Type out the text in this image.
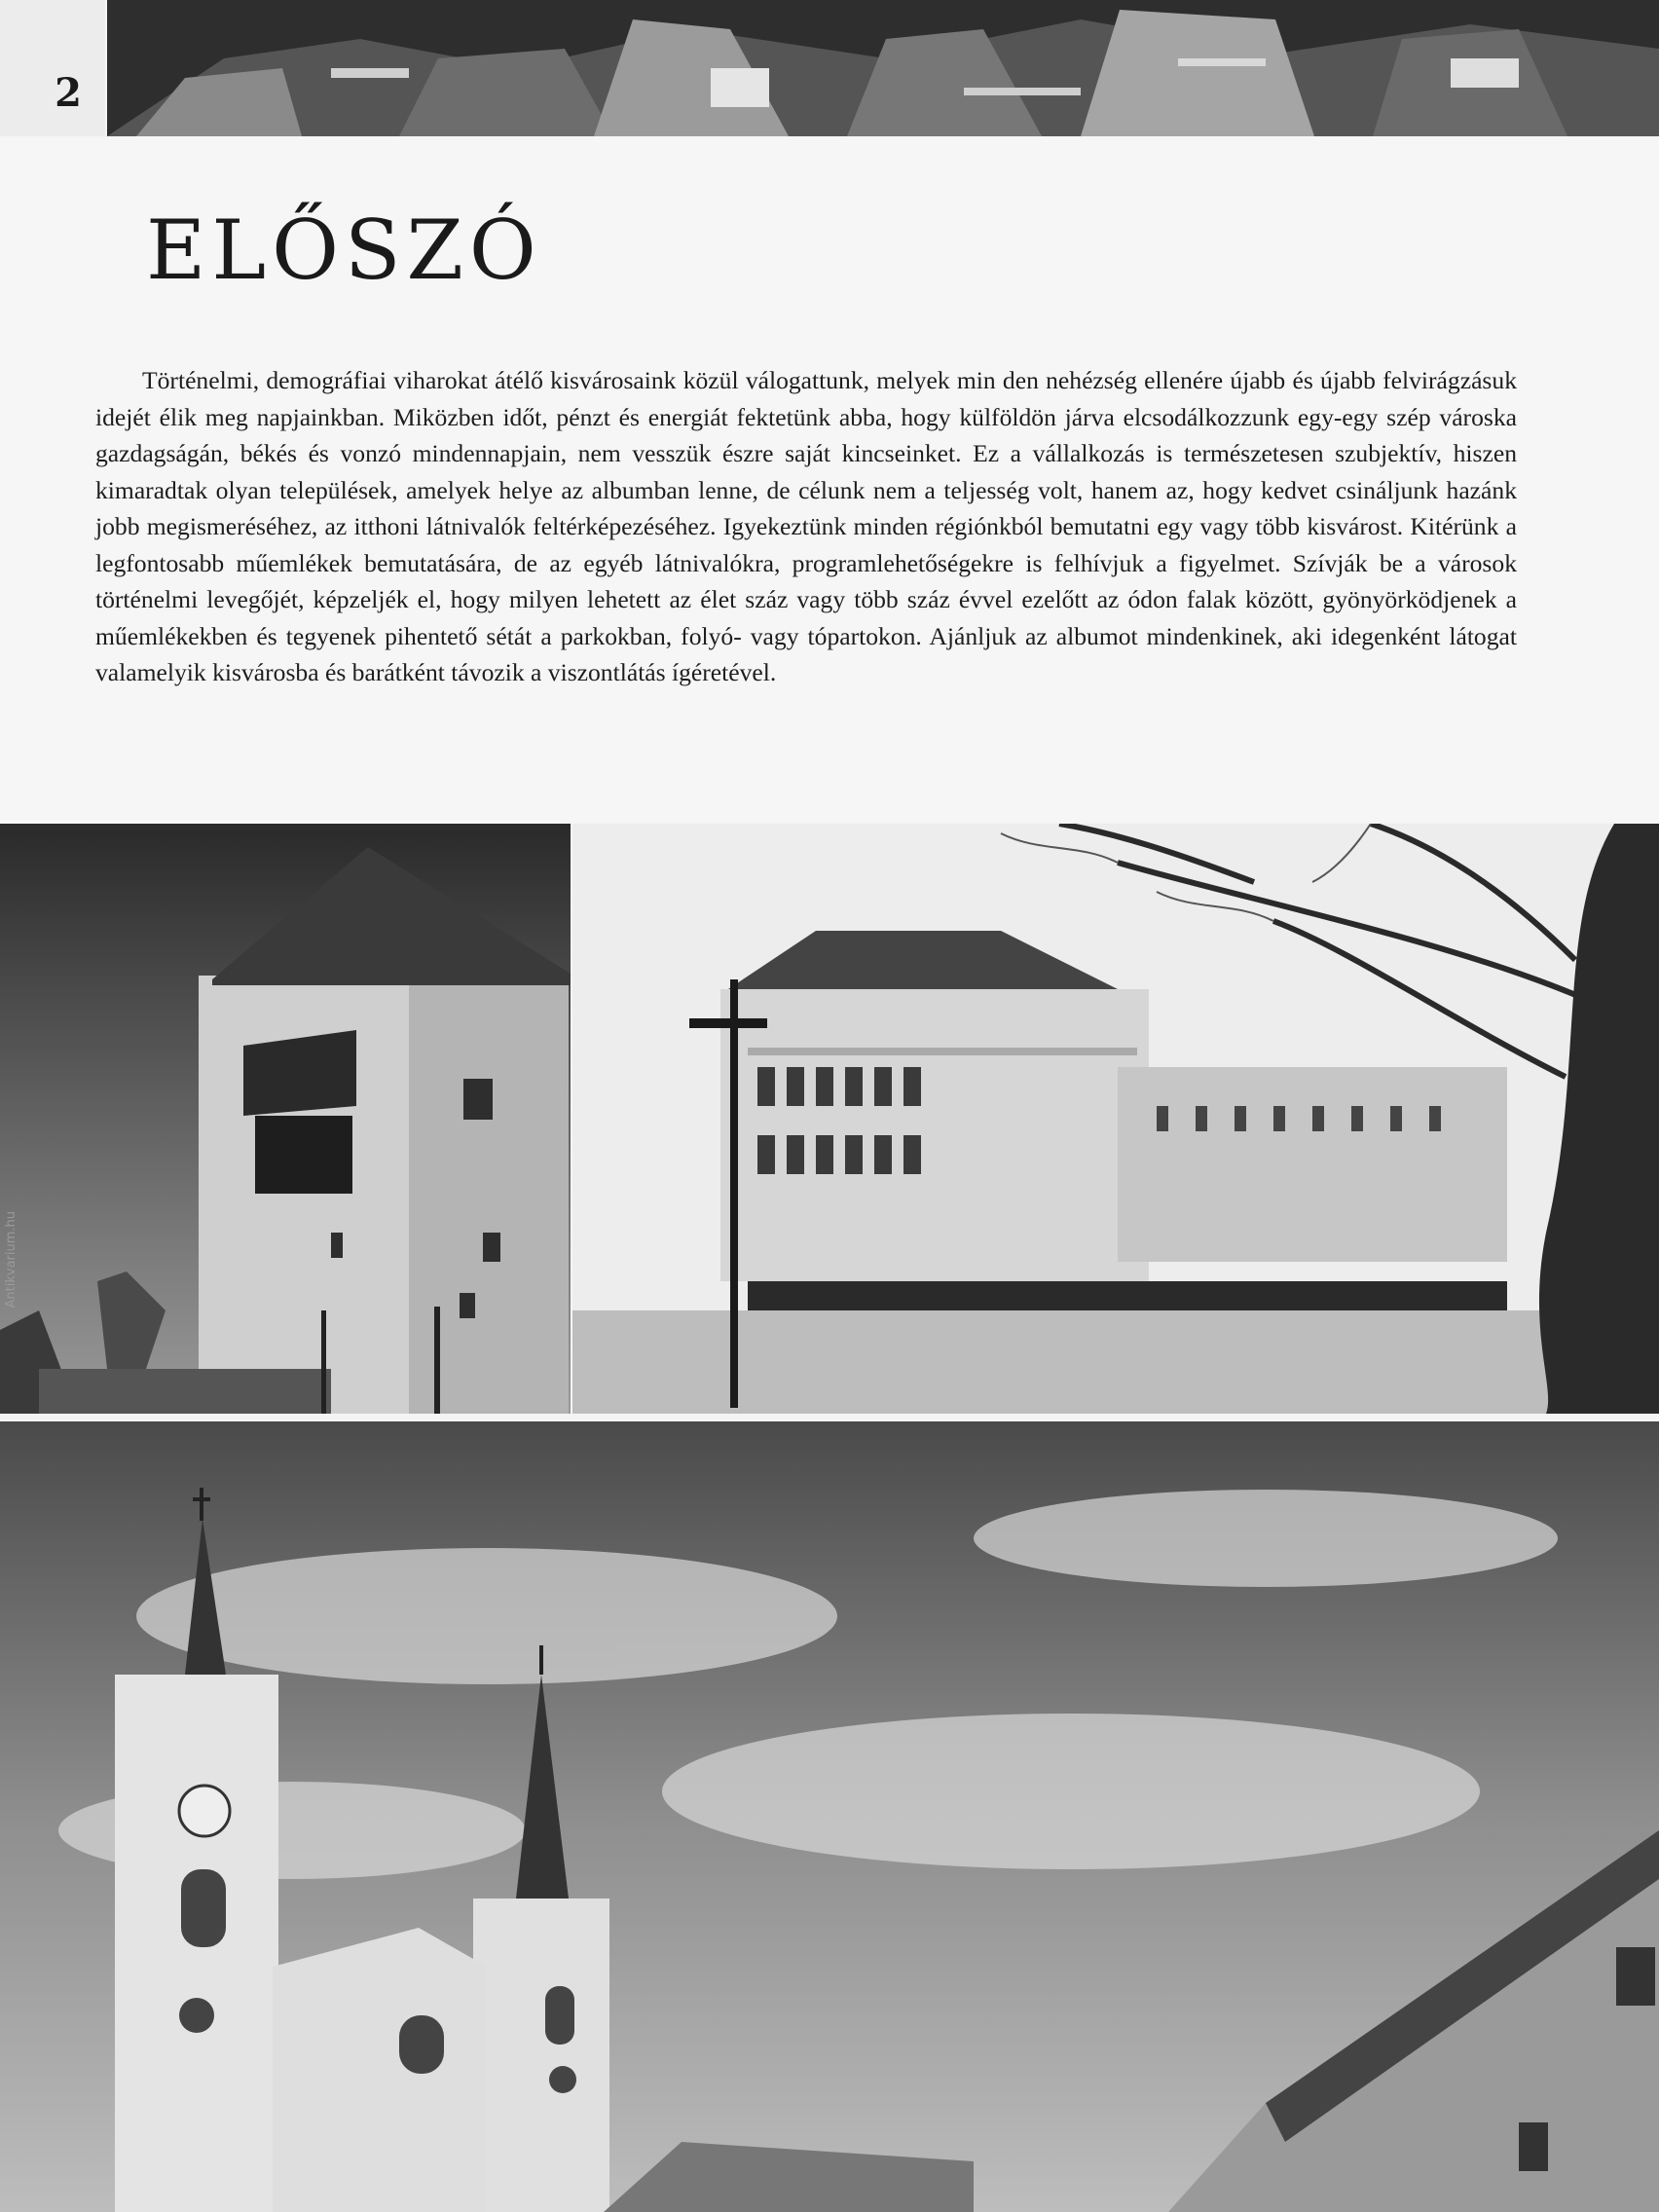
2
ELŐSZÓ
Történelmi, demográfiai viharokat átélő kisvárosaink közül válogattunk, melyek min den nehézség ellenére újabb és újabb felvirágzásuk idejét élik meg napjainkban. Miközben időt, pénzt és energiát fektetünk abba, hogy külföldön járva elcsodálkozzunk egy-egy szép városka gazdagságán, békés és vonzó mindennapjain, nem vesszük észre saját kincseinket. Ez a vállalkozás is természetesen szubjektív, hiszen kimaradtak olyan települések, amelyek helye az albumban lenne, de célunk nem a teljesség volt, hanem az, hogy kedvet csináljunk hazánk jobb megismeréséhez, az itthoni látnivalók feltérképezéséhez. Igyekeztünk minden régiónkból bemutatni egy vagy több kisvárost. Kitérünk a legfontosabb műemlékek bemutatására, de az egyéb látnivalókra, programlehetőségekre is felhívjuk a figyelmet. Szívják be a városok történelmi levegőjét, képzeljék el, hogy milyen lehetett az élet száz vagy több száz évvel ezelőtt az ódon falak között, gyönyörködjenek a műemlékekben és tegyenek pihentető sétát a parkokban, folyó- vagy tópartokon. Ajánljuk az albumot mindenkinek, aki idegenként látogat valamelyik kisvárosba és barátként távozik a viszontlátás ígéretével.
Antikvarium.hu
